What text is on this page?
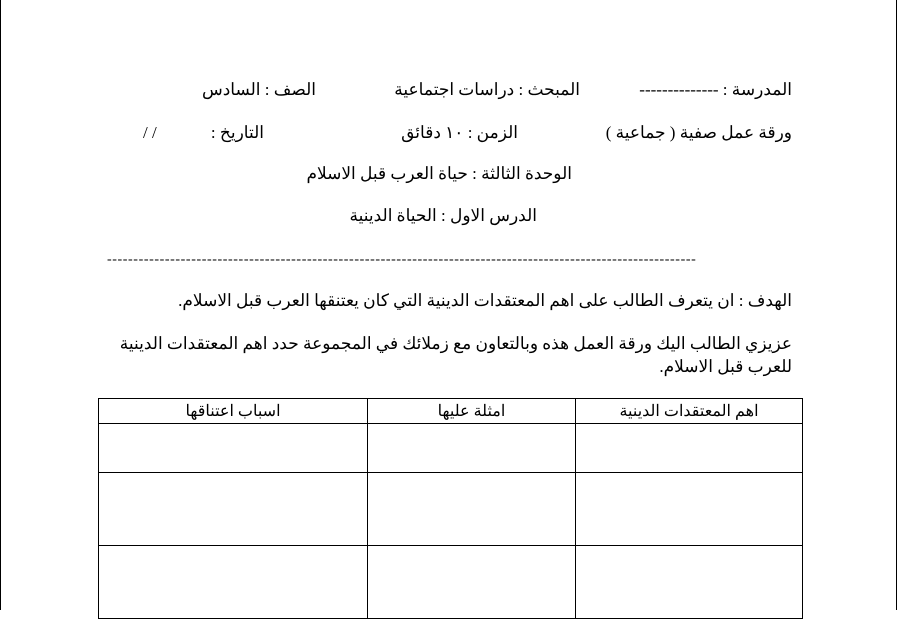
المدرسة : --------------
المبحث : دراسات اجتماعية
الصف : السادس
ورقة عمل صفية ( جماعية )
الزمن : ١٠ دقائق
التاريخ :
/ /
الوحدة الثالثة : حياة العرب قبل الاسلام
الدرس الاول : الحياة الدينية
----------------------------------------------------------------------------------------------------------------
الهدف : ان يتعرف الطالب على اهم المعتقدات الدينية التي كان يعتنقها العرب قبل الاسلام.
عزيزي الطالب اليك ورقة العمل هذه وبالتعاون مع زملائك في المجموعة حدد اهم المعتقدات الدينية للعرب قبل الاسلام.
اهم المعتقدات الدينية	امثلة عليها	اسباب اعتناقها
